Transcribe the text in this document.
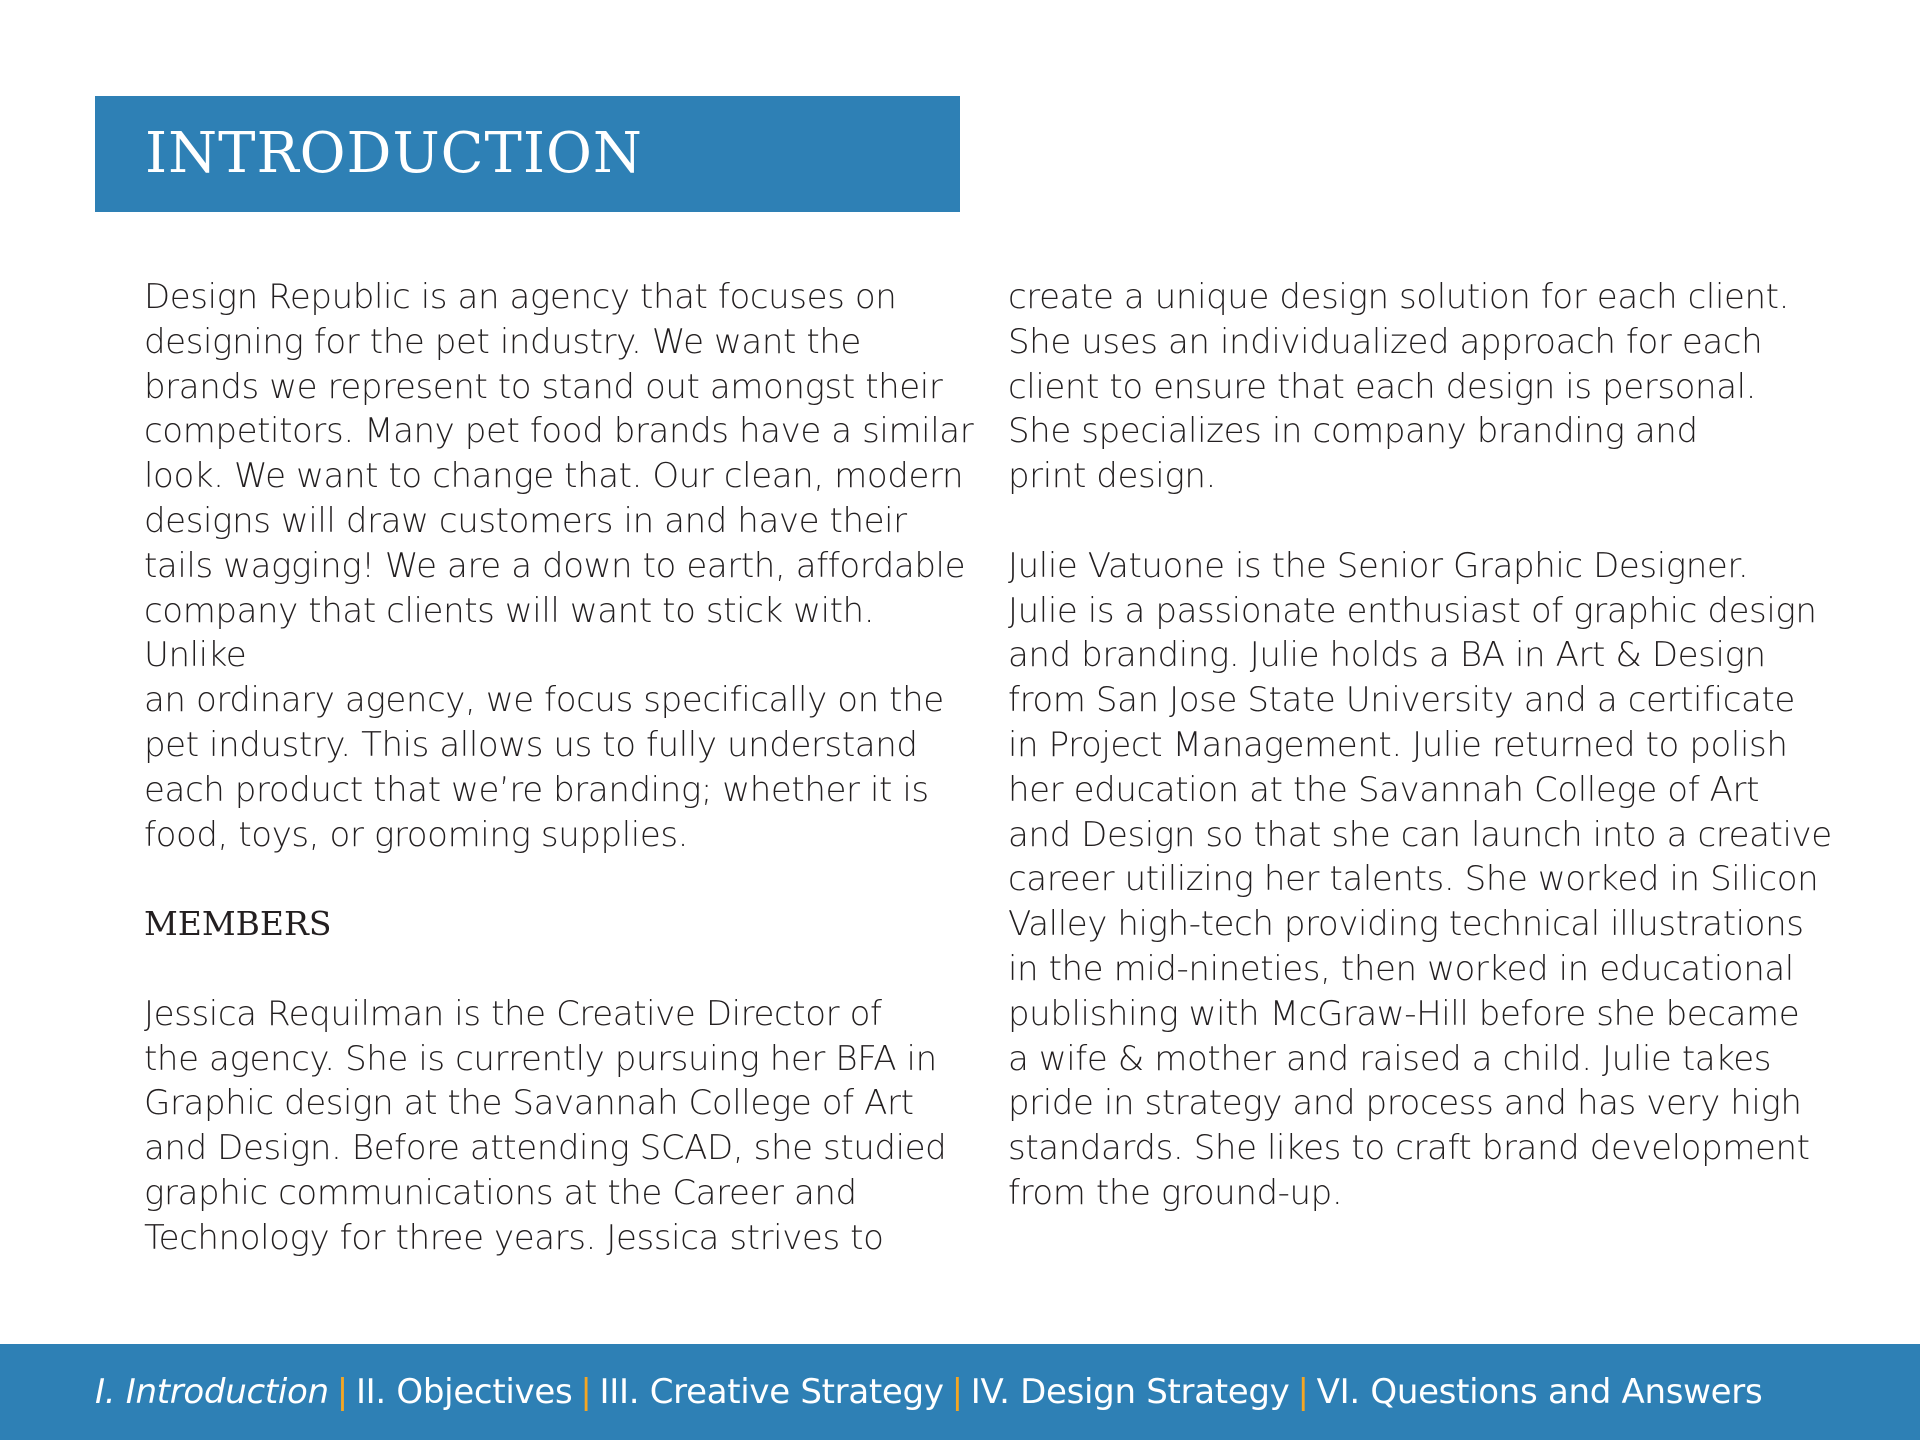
INTRODUCTION

Design Republic is an agency that focuses on
designing for the pet industry. We want the
brands we represent to stand out amongst their
competitors. Many pet food brands have a similar
look. We want to change that. Our clean, modern
designs will draw customers in and have their
tails wagging! We are a down to earth, affordable
company that clients will want to stick with. Unlike
an ordinary agency, we focus specifically on the
pet industry. This allows us to fully understand
each product that we’re branding; whether it is
food, toys, or grooming supplies.

MEMBERS

Jessica Requilman is the Creative Director of
the agency. She is currently pursuing her BFA in
Graphic design at the Savannah College of Art
and Design. Before attending SCAD, she studied
graphic communications at the Career and
Technology for three years. Jessica strives to

create a unique design solution for each client.
She uses an individualized approach for each
client to ensure that each design is personal.
She specializes in company branding and
print design.

Julie Vatuone is the Senior Graphic Designer.
Julie is a passionate enthusiast of graphic design
and branding. Julie holds a BA in Art & Design
from San Jose State University and a certificate
in Project Management. Julie returned to polish
her education at the Savannah College of Art
and Design so that she can launch into a creative
career utilizing her talents. She worked in Silicon
Valley high-tech providing technical illustrations
in the mid-nineties, then worked in educational
publishing with McGraw-Hill before she became
a wife & mother and raised a child. Julie takes
pride in strategy and process and has very high
standards. She likes to craft brand development
from the ground-up.

I. Introduction | II. Objectives | III. Creative Strategy | IV. Design Strategy | VI. Questions and Answers
